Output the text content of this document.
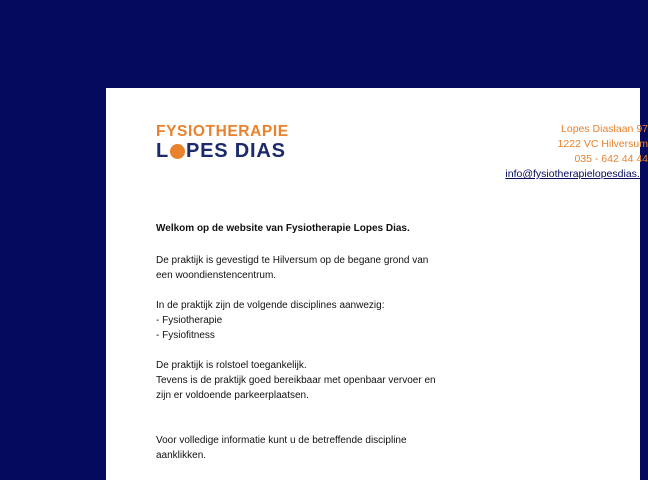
FYSIOTHERAPIE
L PES DIAS
Lopes Diaslaan 97
1222 VC Hilversum
035 - 642 44 44
info@fysiotherapielopesdias.nl

Welkom op de website van Fysiotherapie Lopes Dias.

De praktijk is gevestigd te Hilversum op de begane grond van een woondienstencentrum.

In de praktijk zijn de volgende disciplines aanwezig:
- Fysiotherapie
- Fysiofitness

De praktijk is rolstoel toegankelijk.
Tevens is de praktijk goed bereikbaar met openbaar vervoer en zijn er voldoende parkeerplaatsen.

Voor volledige informatie kunt u de betreffende discipline aanklikken.
